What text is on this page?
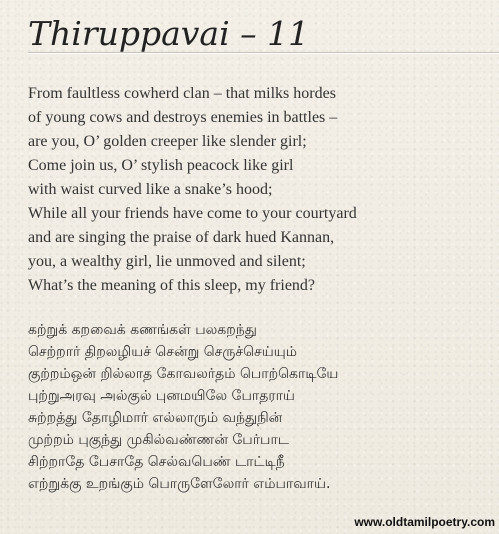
Thiruppavai – 11
From faultless cowherd clan – that milks hordes
of young cows and destroys enemies in battles –
are you, O’ golden creeper like slender girl;
Come join us, O’ stylish peacock like girl
with waist curved like a snake’s hood;
While all your friends have come to your courtyard
and are singing the praise of dark hued Kannan,
you, a wealthy girl, lie unmoved and silent;
What’s the meaning of this sleep, my friend?
கற்றுக் கறவைக் கணங்கள் பலகறந்து
செற்றார் திறலழியச் சென்று செருச்செய்யும்
குற்றம்ஒன் றில்லாத கோவலர்தம் பொற்கொடியே
புற்றுஅரவு அல்குல் புனமயிலே போதராய்
சுற்றத்து தோழிமார் எல்லாரும் வந்துநின்
முற்றம் புகுந்து முகில்வண்ணன் பேர்பாட
சிற்றாதே பேசாதே செல்வபெண் டாட்டிநீ
எற்றுக்கு உறங்கும் பொருளேலோர் எம்பாவாய்.
www.oldtamilpoetry.com
